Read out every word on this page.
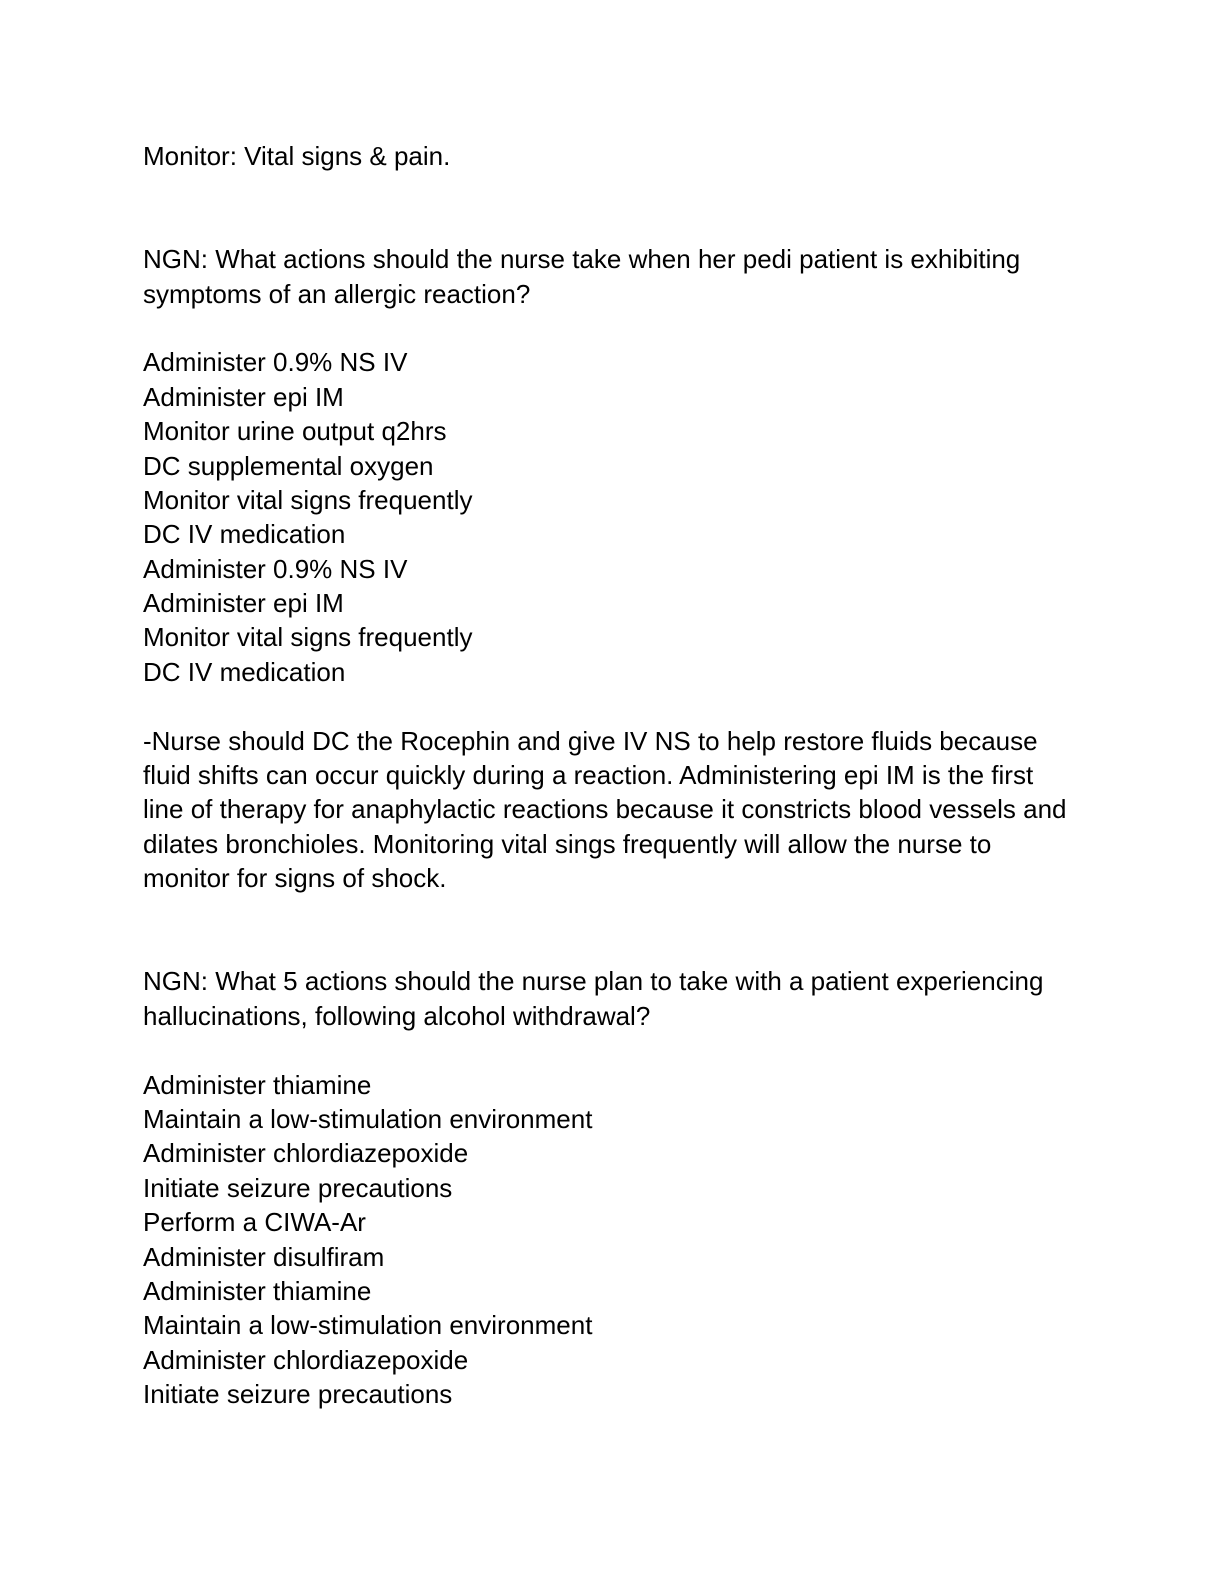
Monitor: Vital signs & pain.

NGN: What actions should the nurse take when her pedi patient is exhibiting
symptoms of an allergic reaction?

Administer 0.9% NS IV
Administer epi IM
Monitor urine output q2hrs
DC supplemental oxygen
Monitor vital signs frequently
DC IV medication
Administer 0.9% NS IV
Administer epi IM
Monitor vital signs frequently
DC IV medication

-Nurse should DC the Rocephin and give IV NS to help restore fluids because
fluid shifts can occur quickly during a reaction. Administering epi IM is the first
line of therapy for anaphylactic reactions because it constricts blood vessels and
dilates bronchioles. Monitoring vital sings frequently will allow the nurse to
monitor for signs of shock.

NGN: What 5 actions should the nurse plan to take with a patient experiencing
hallucinations, following alcohol withdrawal?

Administer thiamine
Maintain a low-stimulation environment
Administer chlordiazepoxide
Initiate seizure precautions
Perform a CIWA-Ar
Administer disulfiram
Administer thiamine
Maintain a low-stimulation environment
Administer chlordiazepoxide
Initiate seizure precautions
